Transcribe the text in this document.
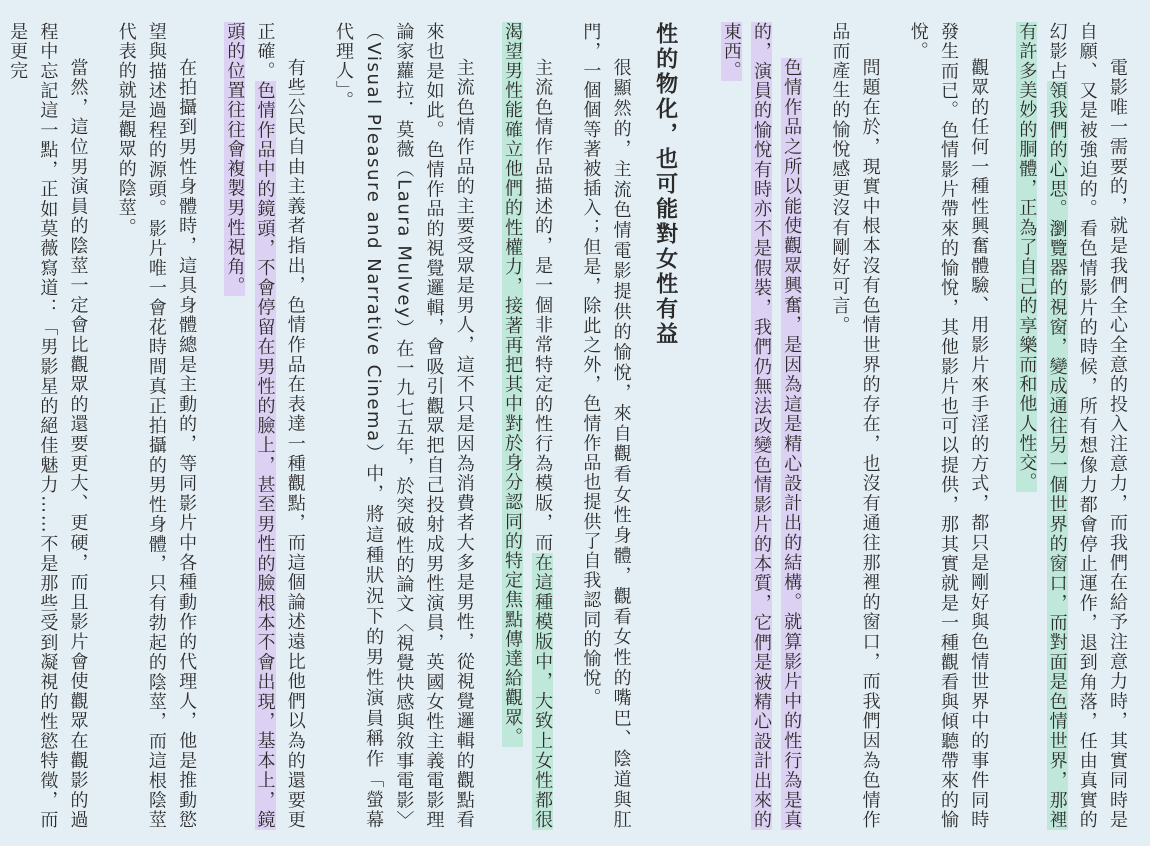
電影唯一需要的，就是我們全心全意的投入注意力，而我們在給予注意力時，其實同時是自願、又是被強迫的。看色情影片的時候，所有想像力都會停止運作，退到角落，任由真實的幻影占領我們的心思。瀏覽器的視窗，變成通往另一個世界的窗口，而對面是色情世界，那裡有許多美妙的胴體，正為了自己的享樂而和他人性交。

觀眾的任何一種性興奮體驗、用影片來手淫的方式，都只是剛好與色情世界中的事件同時發生而已。色情影片帶來的愉悅，其他影片也可以提供，那其實就是一種觀看與傾聽帶來的愉悅。

問題在於，現實中根本沒有色情世界的存在，也沒有通往那裡的窗口，而我們因為色情作品而產生的愉悅感更沒有剛好可言。

色情作品之所以能使觀眾興奮，是因為這是精心設計出的結構。就算影片中的性行為是真的，演員的愉悅有時亦不是假裝，我們仍無法改變色情影片的本質，它們是被精心設計出來的東西。

性的物化，也可能對女性有益

很顯然的，主流色情電影提供的愉悅，來自觀看女性身體，觀看女性的嘴巴、陰道與肛門，一個個等著被插入；但是，除此之外，色情作品也提供了自我認同的愉悅。

主流色情作品描述的，是一個非常特定的性行為模版，而在這種模版中，大致上女性都很渴望男性能確立他們的性權力，接著再把其中對於身分認同的特定焦點傳達給觀眾。

主流色情作品的主要受眾是男人，這不只是因為消費者大多是男性，從視覺邏輯的觀點看來也是如此。色情作品的視覺邏輯，會吸引觀眾把自己投射成男性演員，英國女性主義電影理論家蘿拉．莫薇（Laura Mulvey）在一九七五年，於突破性的論文〈視覺快感與敘事電影〉（Visual Pleasure and Narrative Cinema）中，將這種狀況下的男性演員稱作「螢幕代理人」。

有些公民自由主義者指出，色情作品在表達一種觀點，而這個論述遠比他們以為的還要更正確。色情作品中的鏡頭，不會停留在男性的臉上，甚至男性的臉根本不會出現，基本上，鏡頭的位置往往會複製男性視角。

在拍攝到男性身體時，這具身體總是主動的，等同影片中各種動作的代理人，他是推動慾望與描述過程的源頭。影片唯一會花時間真正拍攝的男性身體，只有勃起的陰莖，而這根陰莖代表的就是觀眾的陰莖。

當然，這位男演員的陰莖一定會比觀眾的還要更大、更硬，而且影片會使觀眾在觀影的過程中忘記這一點，正如莫薇寫道：「男影星的絕佳魅力……不是那些受到凝視的性慾特徵，而是更完
